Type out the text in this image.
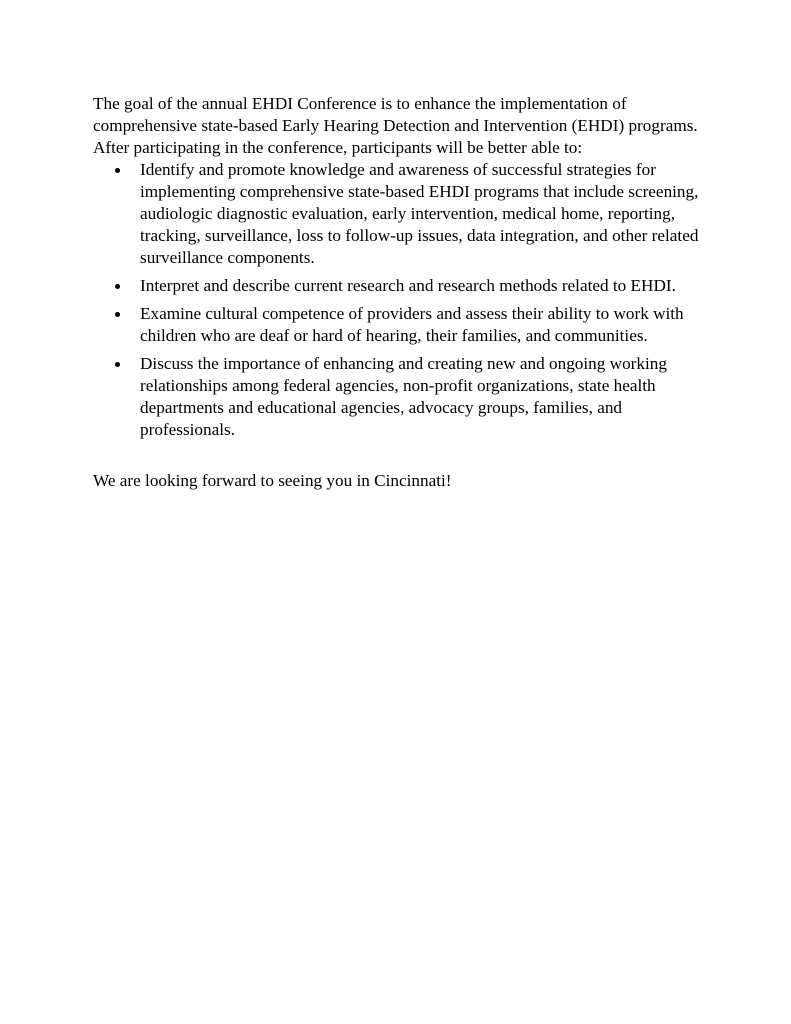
The goal of the annual EHDI Conference is to enhance the implementation of comprehensive state-based Early Hearing Detection and Intervention (EHDI) programs. After participating in the conference, participants will be better able to:

Identify and promote knowledge and awareness of successful strategies for implementing comprehensive state-based EHDI programs that include screening, audiologic diagnostic evaluation, early intervention, medical home, reporting, tracking, surveillance, loss to follow-up issues, data integration, and other related surveillance components.
Interpret and describe current research and research methods related to EHDI.
Examine cultural competence of providers and assess their ability to work with children who are deaf or hard of hearing, their families, and communities.
Discuss the importance of enhancing and creating new and ongoing working relationships among federal agencies, non-profit organizations, state health departments and educational agencies, advocacy groups, families, and professionals.

We are looking forward to seeing you in Cincinnati!
